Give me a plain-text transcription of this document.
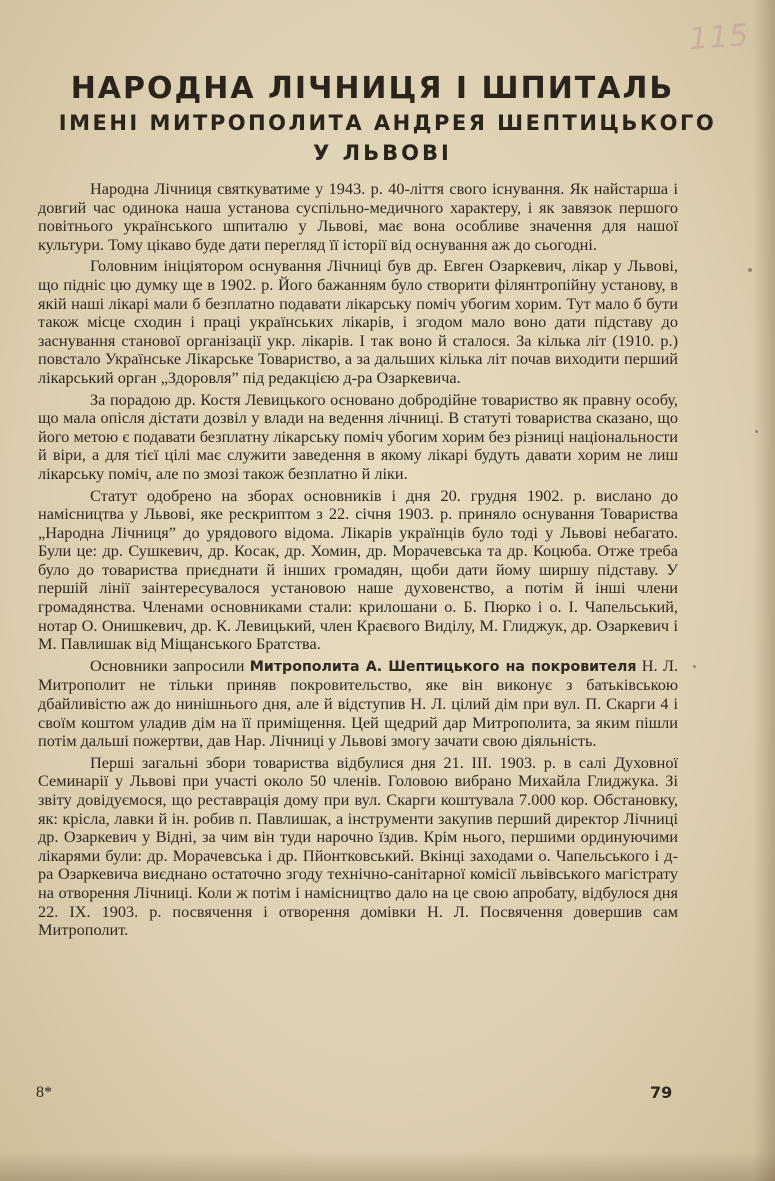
115
НАРОДНА ЛІЧНИЦЯ І ШПИТАЛЬ
ІМЕНІ МИТРОПОЛИТА АНДРЕЯ ШЕПТИЦЬКОГО
У ЛЬВОВІ

Народна Лічниця святкуватиме у 1943. р. 40-ліття свого існування. Як найстарша і довгий час одинока наша установа суспільно-медичного характеру, і як завязок першого повітнього українського шпиталю у Львові, має вона особливе значення для нашої культури. Тому цікаво буде дати перегляд її історії від оснування аж до сьогодні.

Головним ініціятором оснування Лічниці був др. Евген Озаркевич, лікар у Львові, що підніс цю думку ще в 1902. р. Його бажанням було створити філянтропійну установу, в якій наші лікарі мали б безплатно подавати лікарську поміч убогим хорим. Тут мало б бути також місце сходин і праці українських лікарів, і згодом мало воно дати підставу до заснування станової організації укр. лікарів. І так воно й сталося. За кілька літ (1910. р.) повстало Українське Лікарське Товариство, а за дальших кілька літ почав виходити перший лікарський орган „Здоровля” під редакцією д-ра Озаркевича.

За порадою др. Костя Левицького основано добродійне товариство як правну особу, що мала опісля дістати дозвіл у влади на ведення лічниці. В статуті товариства сказано, що його метою є подавати безплатну лікарську поміч убогим хорим без різниці національности й віри, а для тієї цілі має служити заведення в якому лікарі будуть давати хорим не лиш лікарську поміч, але по змозі також безплатно й ліки.

Статут одобрено на зборах основників і дня 20. грудня 1902. р. вислано до намісництва у Львові, яке рескриптом з 22. січня 1903. р. приняло оснування Товариства „Народна Лічниця” до урядового відома. Лікарів українців було тоді у Львові небагато. Були це: др. Сушкевич, др. Косак, др. Хомин, др. Морачевська та др. Коцюба. Отже треба було до товариства приєднати й інших громадян, щоби дати йому ширшу підставу. У першій лінії заінтересувалося установою наше духовенство, а потім й інші члени громадянства. Членами основниками стали: крилошани о. Б. Пюрко і о. І. Чапельський, нотар О. Онишкевич, др. К. Левицький, член Краєвого Виділу, М. Глиджук, др. Озаркевич і М. Павлишак від Міщанського Братства.

Основники запросили Митрополита А. Шептицького на покровителя Н. Л. Митрополит не тільки приняв покровительство, яке він виконує з батьківською дбайливістю аж до нинішнього дня, але й відступив Н. Л. цілий дім при вул. П. Скарги 4 і своїм коштом уладив дім на її приміщення. Цей щедрий дар Митрополита, за яким пішли потім дальші пожертви, дав Нар. Лічниці у Львові змогу зачати свою діяльність.

Перші загальні збори товариства відбулися дня 21. III. 1903. р. в салі Духовної Семинарії у Львові при участі около 50 членів. Головою вибрано Михайла Глиджука. Зі звіту довідуємося, що реставрація дому при вул. Скарги коштувала 7.000 кор. Обстановку, як: крісла, лавки й ін. робив п. Павлишак, а інструменти закупив перший директор Лічниці др. Озаркевич у Відні, за чим він туди нарочно їздив. Крім нього, першими ординуючими лікарями були: др. Морачевська і др. Пйонтковський. Вкінці заходами о. Чапельського і д-ра Озаркевича виєднано остаточно згоду технічно-санітарної комісії львівського магістрату на отворення Лічниці. Коли ж потім і намісництво дало на це свою апробату, відбулося дня 22. IX. 1903. р. посвячення і отворення домівки Н. Л. Посвячення довершив сам Митрополит.

8*	79
